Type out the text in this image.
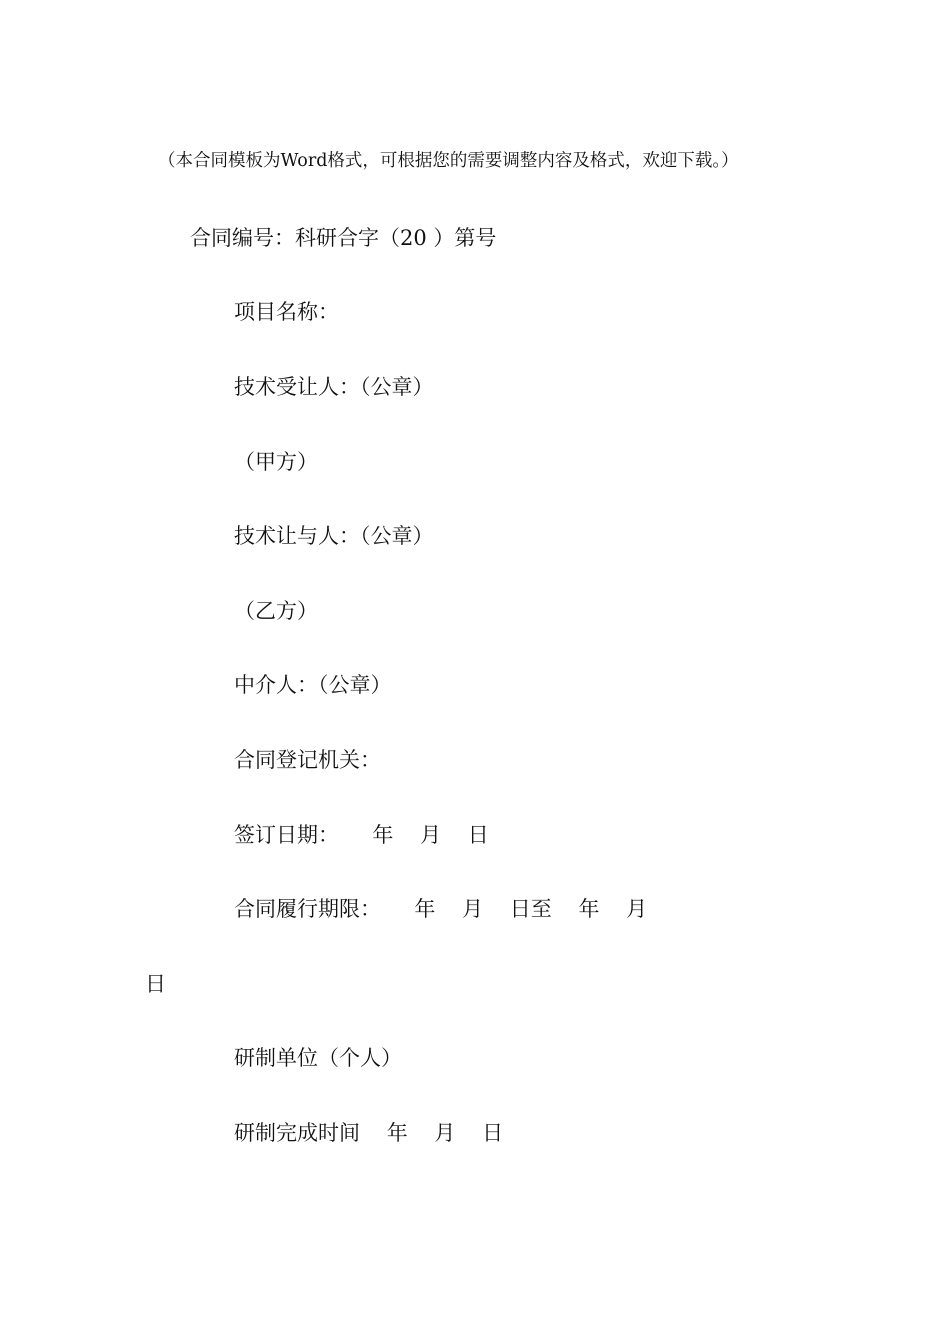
（本合同模板为Word格式，可根据您的需要调整内容及格式，欢迎下载。）
合同编号：科研合字（20 ）第号
项目名称：
技术受让人：（公章）
（甲方）
技术让与人：（公章）
（乙方）
中介人：（公章）
合同登记机关：
签订日期：     年    月    日
合同履行期限：     年    月    日至    年    月
日
研制单位（个人）
研制完成时间    年    月    日
